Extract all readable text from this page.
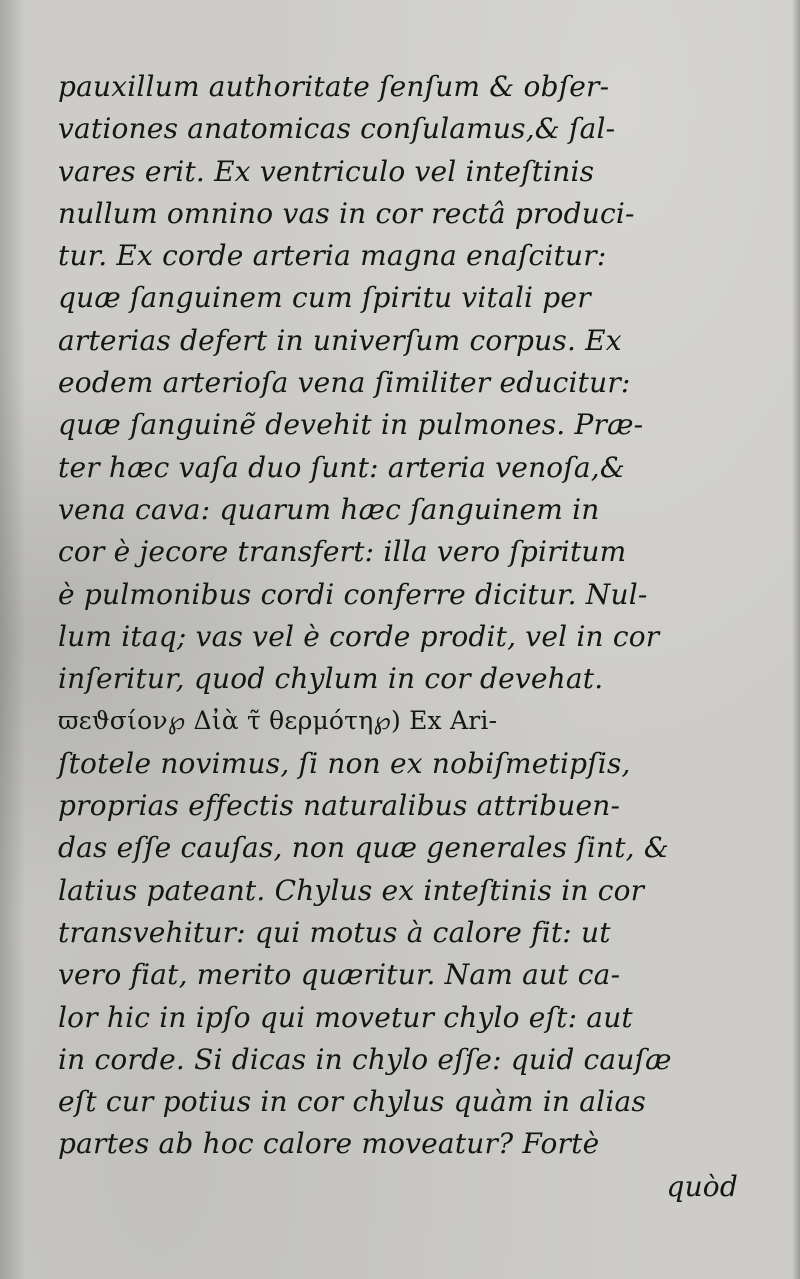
pauxillum authoritate ſenſum & obſer-
vationes anatomicas conſulamus,& ſal-
vares erit. Ex ventriculo vel inteſtinis
nullum omnino vas in cor rectâ produci-
tur. Ex corde arteria magna enaſcitur:
quæ ſanguinem cum ſpiritu vitali per
arterias defert in univerſum corpus. Ex
eodem arterioſa vena ſimiliter educitur:
quæ ſanguinẽ devehit in pulmones. Præ-
ter hæc vaſa duo ſunt: arteria venoſa,&
vena cava: quarum hæc ſanguinem in
cor è jecore transfert: illa vero ſpiritum
è pulmonibus cordi conferre dicitur. Nul-
lum itaq; vas vel è corde prodit, vel in cor
inſeritur, quod chylum in cor devehat.
ϖεϑσίον℘ Δἰὰ τ̃ θερμότη℘) Ex Ari-
ſtotele novimus, ſi non ex nobiſmetipſis,
proprias effectis naturalibus attribuen-
das eſſe cauſas, non quæ generales ſint, &
latius pateant. Chylus ex inteſtinis in cor
transvehitur: qui motus à calore fit: ut
vero fiat, merito quæritur. Nam aut ca-
lor hic in ipſo qui movetur chylo eſt: aut
in corde. Si dicas in chylo eſſe: quid cauſæ
eſt cur potius in cor chylus quàm in alias
partes ab hoc calore moveatur? Fortè
quòd
